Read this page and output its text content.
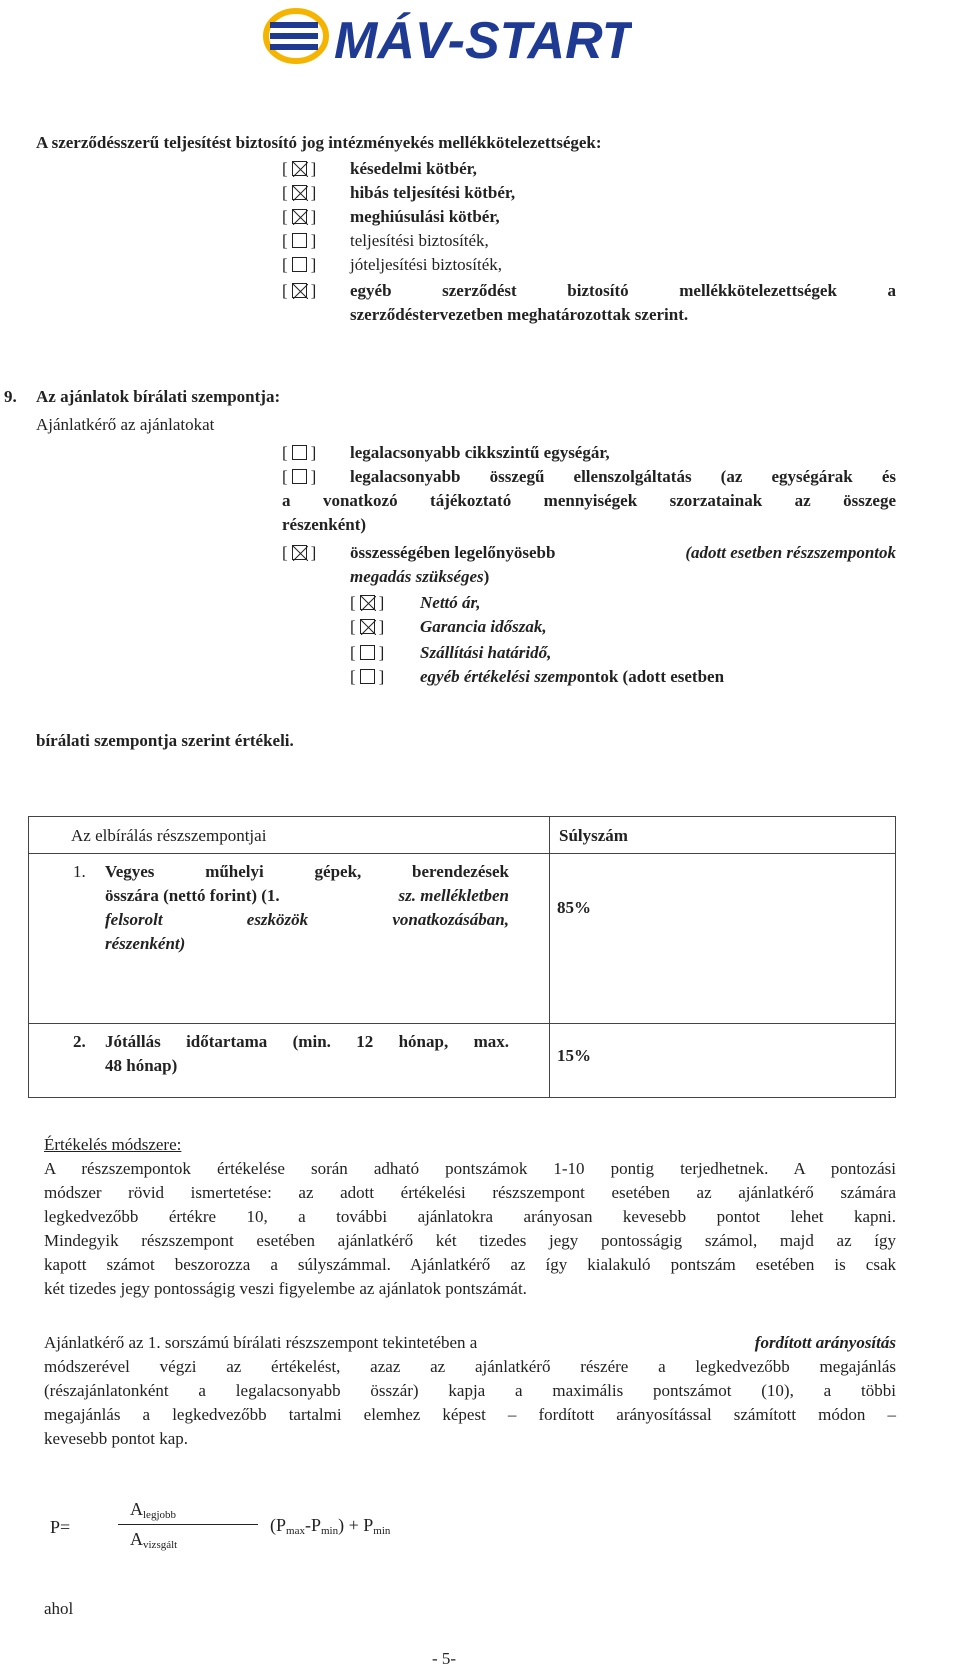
MÁV-START
A szerződésszerű teljesítést biztosító jog intézményekés mellékkötelezettségek:
[ ] késedelmi kötbér,
[ ] hibás teljesítési kötbér,
[ ] meghiúsulási kötbér,
[ ] teljesítési biztosíték,
[ ] jóteljesítési biztosíték,
[ ] egyéb szerződést biztosító mellékkötelezettségek a
szerződéstervezetben meghatározottak szerint.
9. Az ajánlatok bírálati szempontja:
Ajánlatkérő az ajánlatokat
[ ] legalacsonyabb cikkszintű egységár,
[ ] legalacsonyabb összegű ellenszolgáltatás (az egységárak és
a vonatkozó tájékoztató mennyiségek szorzatainak az összege
részenként)
[ ] összességében legelőnyösebb	(adott esetben részszempontok
megadás szükséges)
[ ] Nettó ár,
[ ] Garancia időszak,
[ ] Szállítási határidő,
[ ] egyéb értékelési szempontok (adott esetben
bírálati szempontja szerint értékeli.
Az elbírálás részszempontjai	Súlyszám
1. Vegyes műhelyi gépek, berendezések
összára (nettó forint) (1.	sz. mellékletben
felsorolt eszközök vonatkozásában,
részenként)
85%
2. Jótállás időtartama (min. 12 hónap, max.
48 hónap)
15%
Értékelés módszere:
A részszempontok értékelése során adható pontszámok 1-10 pontig terjedhetnek. A pontozási
módszer rövid ismertetése: az adott értékelési részszempont esetében az ajánlatkérő számára
legkedvezőbb értékre 10, a további ajánlatokra arányosan kevesebb pontot lehet kapni.
Mindegyik részszempont esetében ajánlatkérő két tizedes jegy pontosságig számol, majd az így
kapott számot beszorozza a súlyszámmal. Ajánlatkérő az így kialakuló pontszám esetében is csak
két tizedes jegy pontosságig veszi figyelembe az ajánlatok pontszámát.
Ajánlatkérő az 1. sorszámú bírálati részszempont tekintetében a	fordított arányosítás
módszerével végzi az értékelést, azaz az ajánlatkérő részére a legkedvezőbb megajánlás
(részajánlatonként a legalacsonyabb összár) kapja a maximális pontszámot (10), a többi
megajánlás a legkedvezőbb tartalmi elemhez képest – fordított arányosítással számított módon –
kevesebb pontot kap.
P=
$A_{legjobb}$
$A_{vizsgált}$
$(P_{max}-P_{min}) + P_{min}$
ahol
- 5-
